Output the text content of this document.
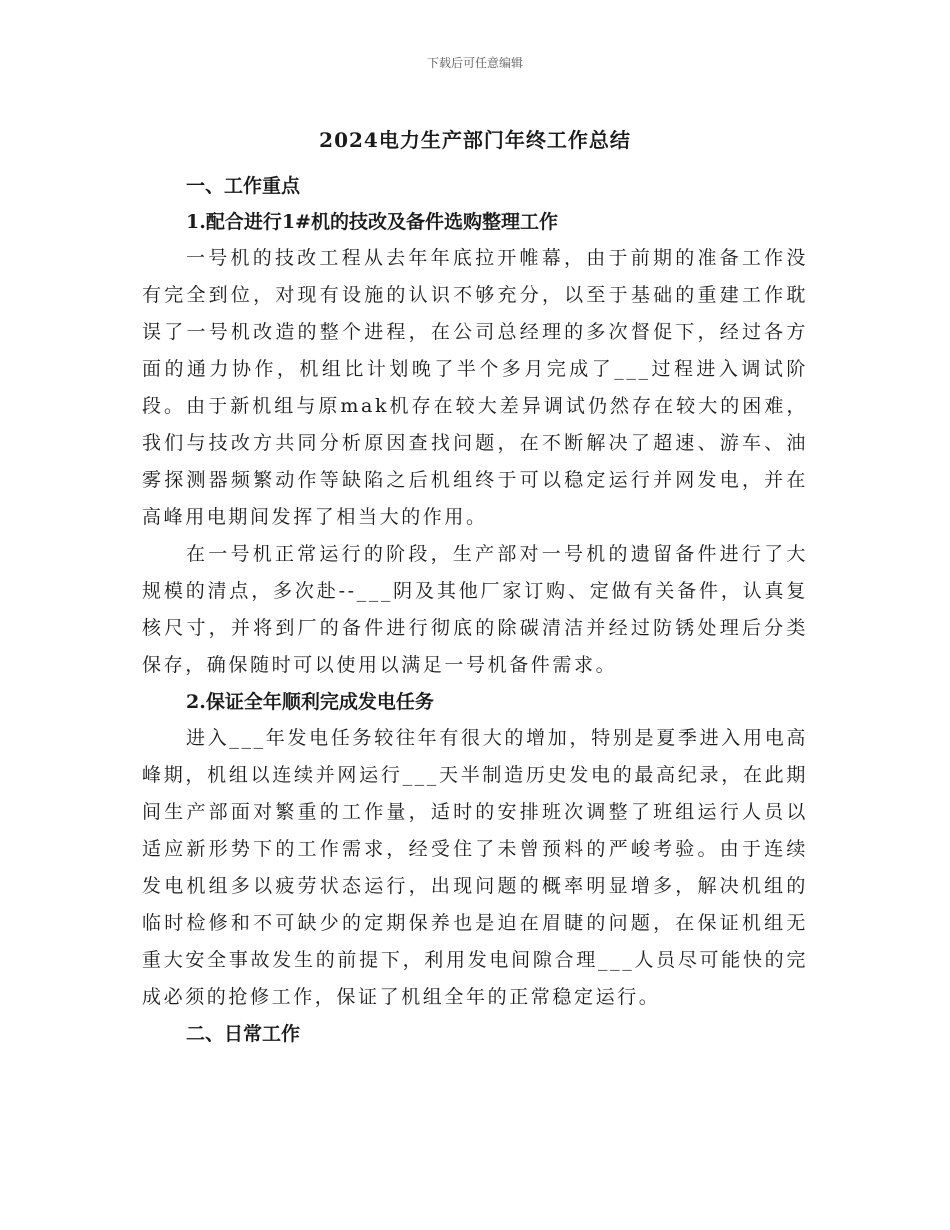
下载后可任意编辑
2024电力生产部门年终工作总结

一、工作重点

1.配合进行1#机的技改及备件选购整理工作

一号机的技改工程从去年年底拉开帷幕，由于前期的准备工作没有完全到位，对现有设施的认识不够充分，以至于基础的重建工作耽误了一号机改造的整个进程，在公司总经理的多次督促下，经过各方面的通力协作，机组比计划晚了半个多月完成了___过程进入调试阶段。由于新机组与原mak机存在较大差异调试仍然存在较大的困难，我们与技改方共同分析原因查找问题，在不断解决了超速、游车、油雾探测器频繁动作等缺陷之后机组终于可以稳定运行并网发电，并在高峰用电期间发挥了相当大的作用。

在一号机正常运行的阶段，生产部对一号机的遗留备件进行了大规模的清点，多次赴--___阴及其他厂家订购、定做有关备件，认真复核尺寸，并将到厂的备件进行彻底的除碳清洁并经过防锈处理后分类保存，确保随时可以使用以满足一号机备件需求。

2.保证全年顺利完成发电任务

进入___年发电任务较往年有很大的增加，特别是夏季进入用电高峰期，机组以连续并网运行___天半制造历史发电的最高纪录，在此期间生产部面对繁重的工作量，适时的安排班次调整了班组运行人员以适应新形势下的工作需求，经受住了未曾预料的严峻考验。由于连续发电机组多以疲劳状态运行，出现问题的概率明显增多，解决机组的临时检修和不可缺少的定期保养也是迫在眉睫的问题，在保证机组无重大安全事故发生的前提下，利用发电间隙合理___人员尽可能快的完成必须的抢修工作，保证了机组全年的正常稳定运行。

二、日常工作
